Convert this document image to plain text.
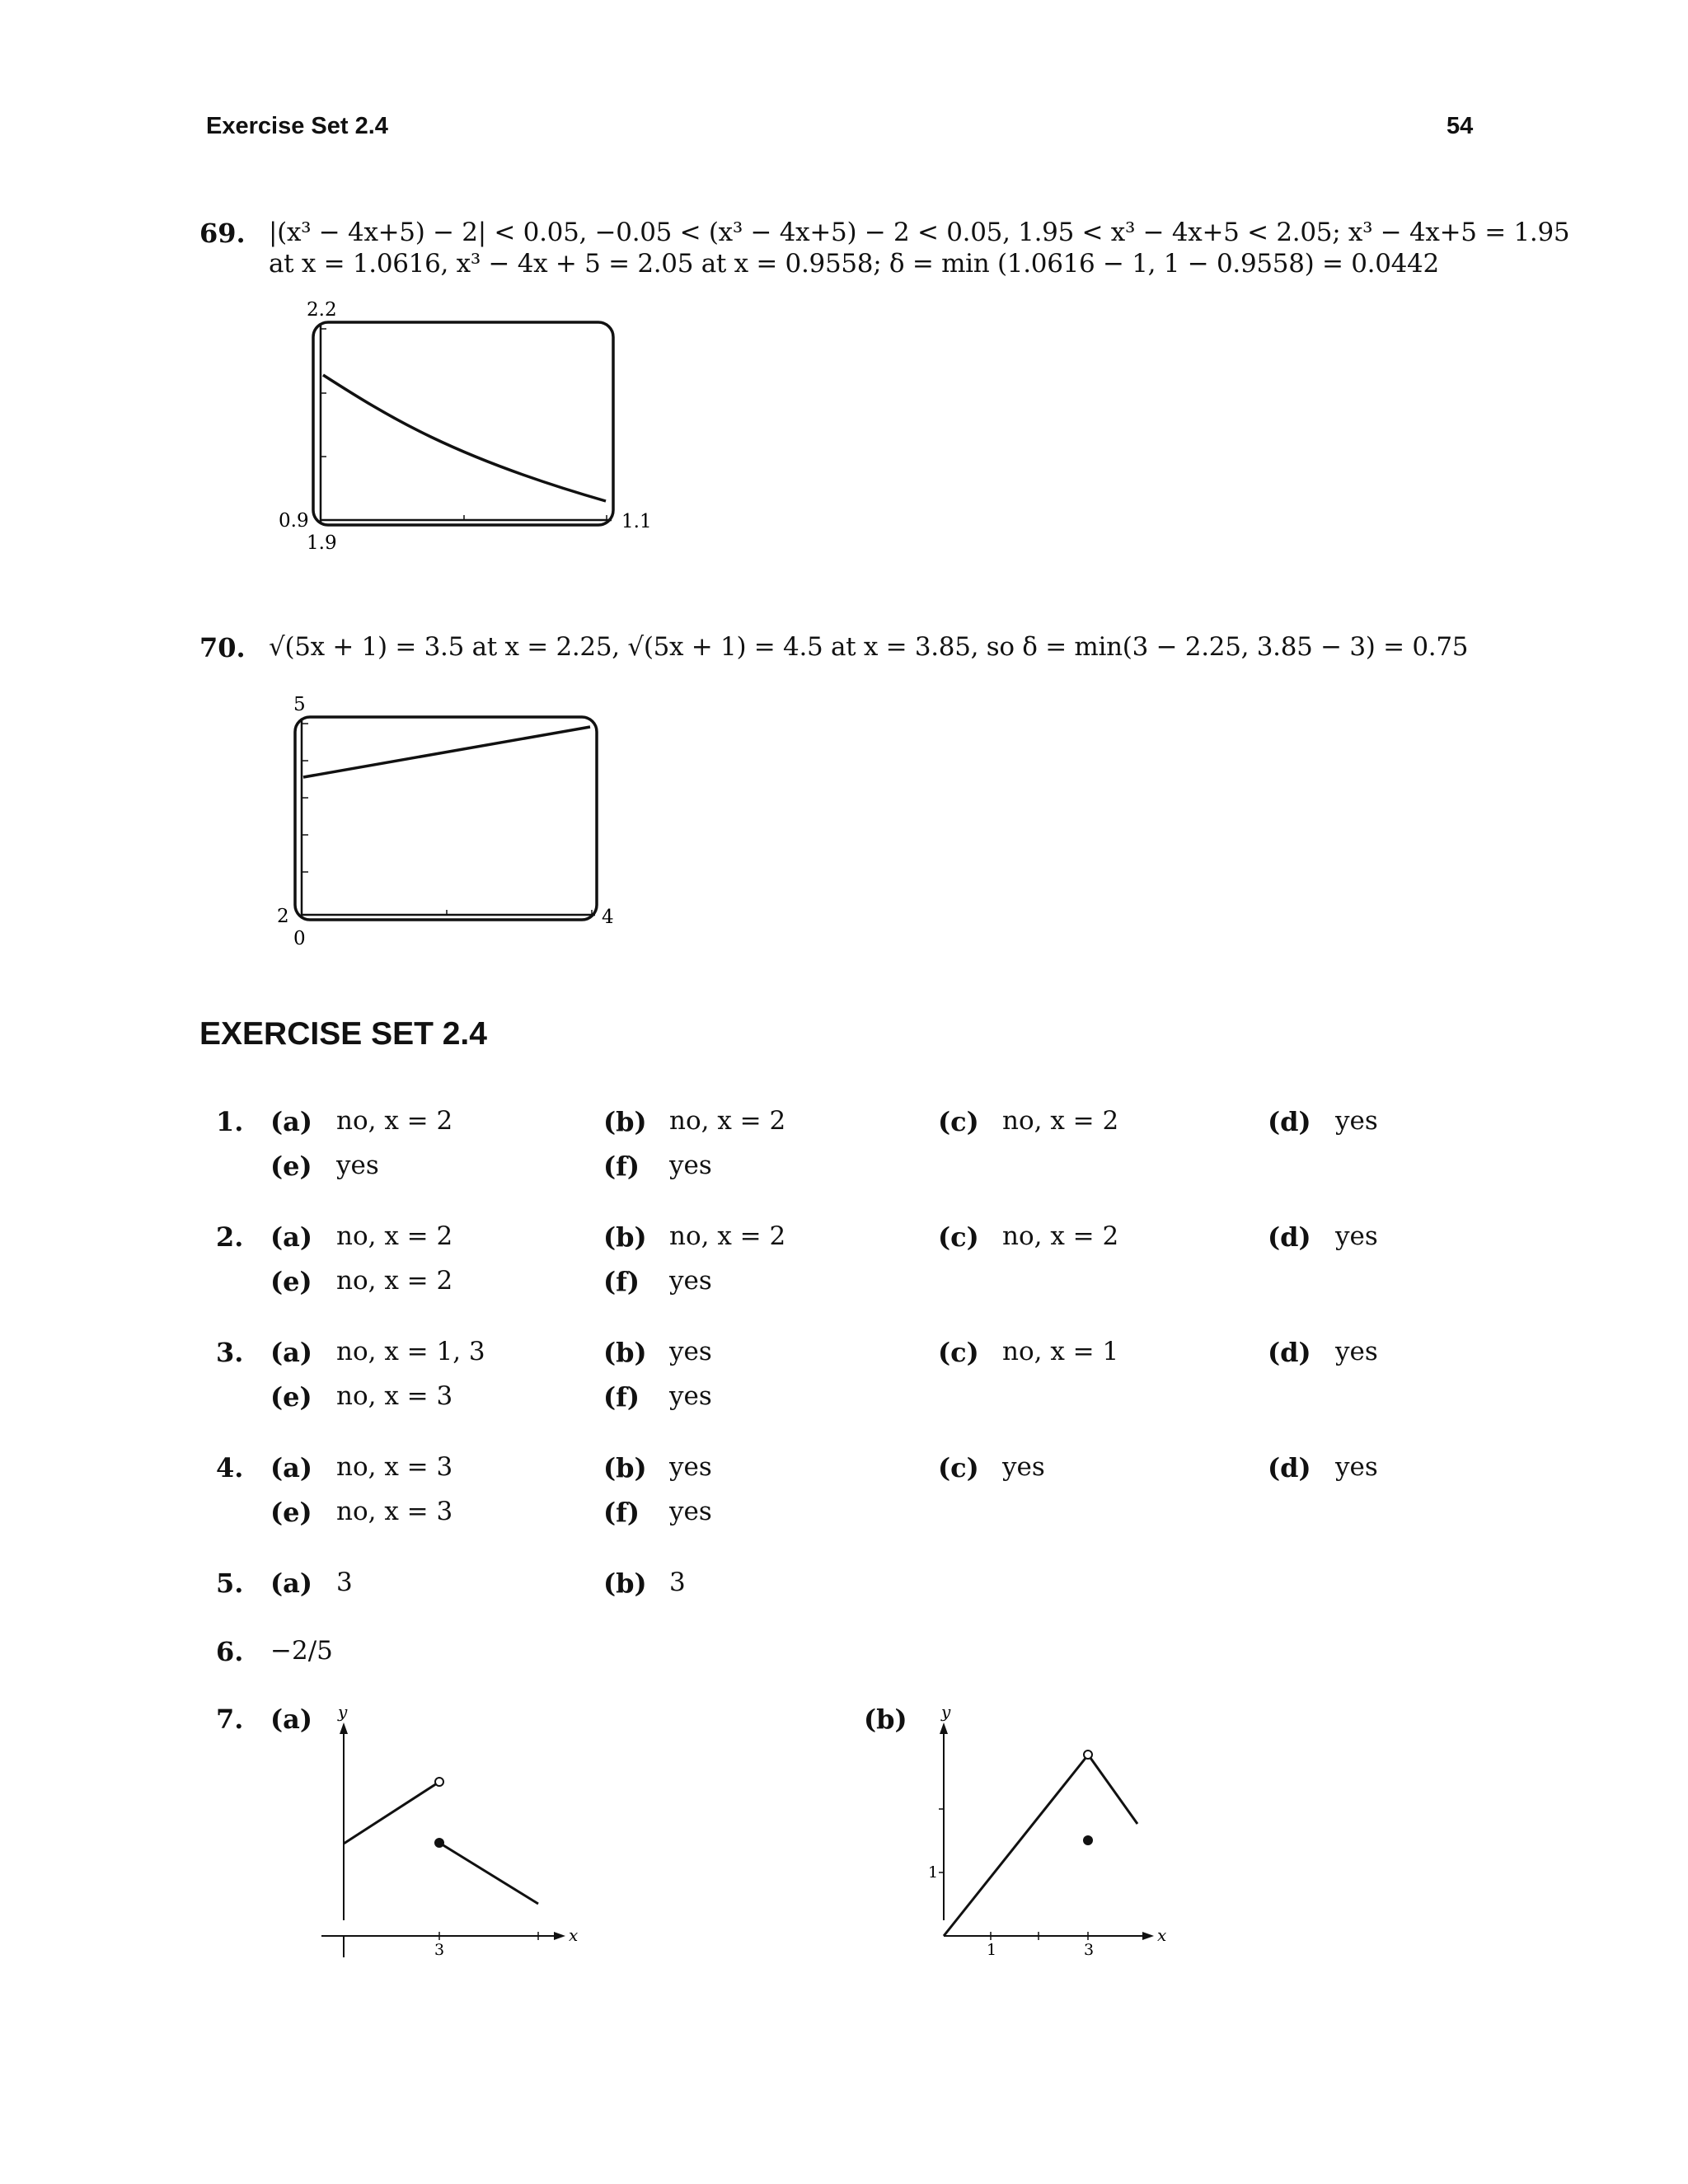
Exercise Set 2.4	54
69. |(x³ − 4x+5) − 2| < 0.05, −0.05 < (x³ − 4x+5) − 2 < 0.05, 1.95 < x³ − 4x+5 < 2.05; x³ − 4x+5 = 1.95
at x = 1.0616, x³ − 4x + 5 = 2.05 at x = 0.9558; δ = min (1.0616 − 1, 1 − 0.9558) = 0.0442
2.2
0.9
1.9
1.1
70. √(5x + 1) = 3.5 at x = 2.25, √(5x + 1) = 4.5 at x = 3.85, so δ = min(3 − 2.25, 3.85 − 3) = 0.75
5
2
0
4
EXERCISE SET 2.4
1. (a) no, x = 2	(b) no, x = 2	(c) no, x = 2	(d) yes
(e) yes	(f) yes
2. (a) no, x = 2	(b) no, x = 2	(c) no, x = 2	(d) yes
(e) no, x = 2	(f) yes
3. (a) no, x = 1, 3	(b) yes	(c) no, x = 1	(d) yes
(e) no, x = 3	(f) yes
4. (a) no, x = 3	(b) yes	(c) yes	(d) yes
(e) no, x = 3	(f) yes
5. (a) 3	(b) 3
6. −2/5
7. (a)	(b)
y
x
3
y
x
1	3
1
